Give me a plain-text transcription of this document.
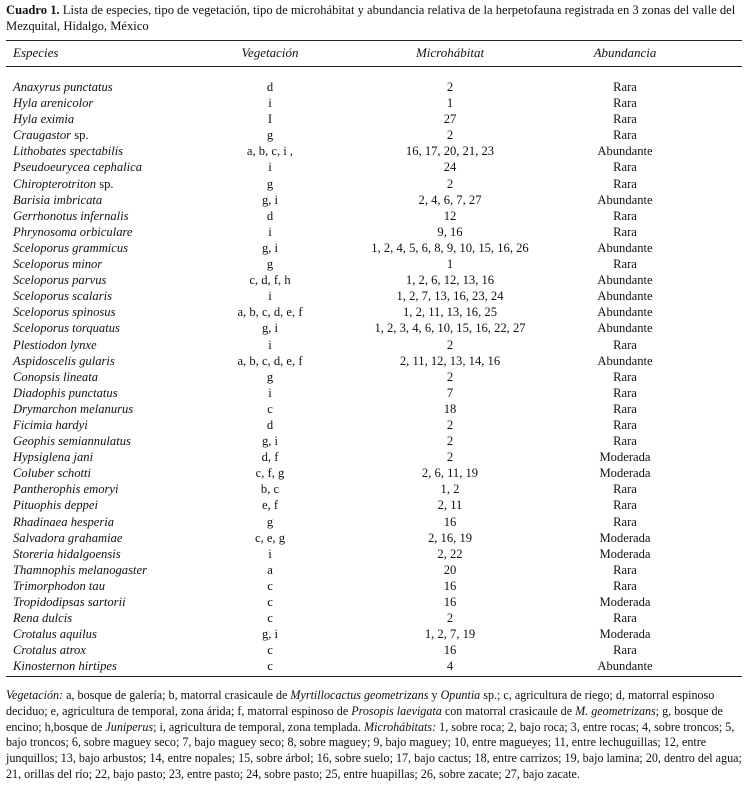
Cuadro 1. Lista de especies, tipo de vegetación, tipo de microhábitat y abundancia relativa de la herpetofauna registrada en 3 zonas del valle del Mezquital, Hidalgo, México
Especies	Vegetación	Microhábitat	Abundancia
Anaxyrus punctatus	d	2	Rara
Hyla arenicolor	i	1	Rara
Hyla eximia	I	27	Rara
Craugastor sp.	g	2	Rara
Lithobates spectabilis	a, b, c, i ,	16, 17, 20, 21, 23	Abundante
Pseudoeurycea cephalica	i	24	Rara
Chiropterotriton sp.	g	2	Rara
Barisia imbricata	g, i	2, 4, 6, 7, 27	Abundante
Gerrhonotus infernalis	d	12	Rara
Phrynosoma orbiculare	i	9, 16	Rara
Sceloporus grammicus	g, i	1, 2, 4, 5, 6, 8, 9, 10, 15, 16, 26	Abundante
Sceloporus minor	g	1	Rara
Sceloporus parvus	c, d, f, h	1, 2, 6, 12, 13, 16	Abundante
Sceloporus scalaris	i	1, 2, 7, 13, 16, 23, 24	Abundante
Sceloporus spinosus	a, b, c, d, e, f	1, 2, 11, 13, 16, 25	Abundante
Sceloporus torquatus	g, i	1, 2, 3, 4, 6, 10, 15, 16, 22, 27	Abundante
Plestiodon lynxe	i	2	Rara
Aspidoscelis gularis	a, b, c, d, e, f	2, 11, 12, 13, 14, 16	Abundante
Conopsis lineata	g	2	Rara
Diadophis punctatus	i	7	Rara
Drymarchon melanurus	c	18	Rara
Ficimia hardyi	d	2	Rara
Geophis semiannulatus	g, i	2	Rara
Hypsiglena jani	d, f	2	Moderada
Coluber schotti	c, f, g	2, 6, 11, 19	Moderada
Pantherophis emoryi	b, c	1, 2	Rara
Pituophis deppei	e, f	2, 11	Rara
Rhadinaea hesperia	g	16	Rara
Salvadora grahamiae	c, e, g	2, 16, 19	Moderada
Storeria hidalgoensis	i	2, 22	Moderada
Thamnophis melanogaster	a	20	Rara
Trimorphodon tau	c	16	Rara
Tropidodipsas sartorii	c	16	Moderada
Rena dulcis	c	2	Rara
Crotalus aquilus	g, i	1, 2, 7, 19	Moderada
Crotalus atrox	c	16	Rara
Kinosternon hirtipes	c	4	Abundante
Vegetación: a, bosque de galería; b, matorral crasicaule de Myrtillocactus geometrizans y Opuntia sp.; c, agricultura de riego; d, matorral espinoso deciduo; e, agricultura de temporal, zona árida; f, matorral espinoso de Prosopis laevigata con matorral crasicaule de M. geometrizans; g, bosque de encino; h,bosque de Juniperus; i, agricultura de temporal, zona templada. Microhábitats: 1, sobre roca; 2, bajo roca; 3, entre rocas; 4, sobre troncos; 5, bajo troncos; 6, sobre maguey seco; 7, bajo maguey seco; 8, sobre maguey; 9, bajo maguey; 10, entre magueyes; 11, entre lechuguillas; 12, entre junquillos; 13, bajo arbustos; 14, entre nopales; 15, sobre árbol; 16, sobre suelo; 17, bajo cactus; 18, entre carrizos; 19, bajo lamina; 20, dentro del agua; 21, orillas del río; 22, bajo pasto; 23, entre pasto; 24, sobre pasto; 25, entre huapillas; 26, sobre zacate; 27, bajo zacate.
